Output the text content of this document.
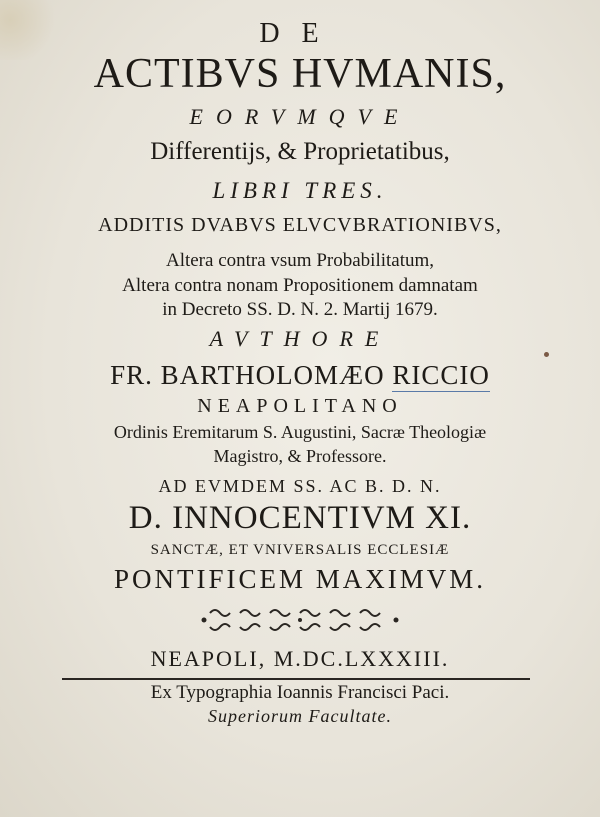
DE
ACTIBVS HVMANIS,
EORVMQVE
Differentijs, & Proprietatibus,
LIBRI TRES.
ADDITIS DVABVS ELVCVBRATIONIBVS,
Altera contra vsum Probabilitatum,
Altera contra nonam Propositionem damnatam
in Decreto SS. D. N. 2. Martij 1679.
AVTHORE
FR. BARTHOLOMÆO RICCIO
NEAPOLITANO
Ordinis Eremitarum S. Augustini, Sacræ Theologiæ
Magistro, & Professore.
AD EVMDEM SS. AC B. D. N.
D. INNOCENTIVM XI.
SANCTÆ, ET VNIVERSALIS ECCLESIÆ
PONTIFICEM MAXIMVM.
NEAPOLI, M.DC.LXXXIII.
Ex Typographia Ioannis Francisci Paci.
Superiorum Facultate.
